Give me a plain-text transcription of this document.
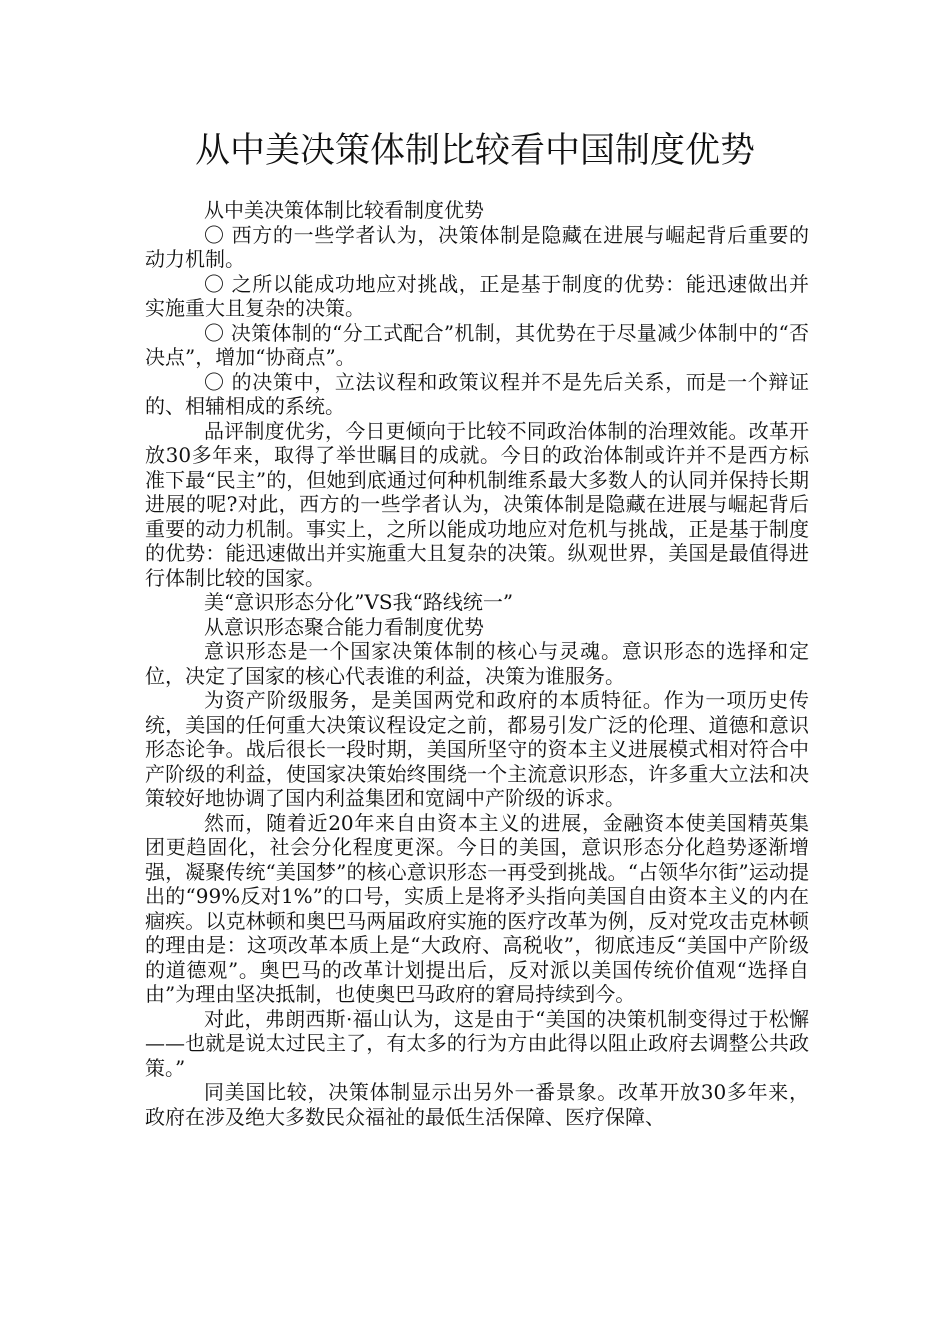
从中美决策体制比较看中国制度优势

从中美决策体制比较看制度优势

〇 西方的一些学者认为，决策体制是隐藏在进展与崛起背后重要的动力机制。

〇 之所以能成功地应对挑战，正是基于制度的优势：能迅速做出并实施重大且复杂的决策。

〇 决策体制的“分工式配合”机制，其优势在于尽量减少体制中的“否决点”，增加“协商点”。

〇 的决策中，立法议程和政策议程并不是先后关系，而是一个辩证的、相辅相成的系统。

品评制度优劣，今日更倾向于比较不同政治体制的治理效能。改革开放30多年来，取得了举世瞩目的成就。今日的政治体制或许并不是西方标准下最“民主”的，但她到底通过何种机制维系最大多数人的认同并保持长期进展的呢?对此，西方的一些学者认为，决策体制是隐藏在进展与崛起背后重要的动力机制。事实上，之所以能成功地应对危机与挑战，正是基于制度的优势：能迅速做出并实施重大且复杂的决策。纵观世界，美国是最值得进行体制比较的国家。

美“意识形态分化”VS我“路线统一”

从意识形态聚合能力看制度优势

意识形态是一个国家决策体制的核心与灵魂。意识形态的选择和定位，决定了国家的核心代表谁的利益，决策为谁服务。

为资产阶级服务，是美国两党和政府的本质特征。作为一项历史传统，美国的任何重大决策议程设定之前，都易引发广泛的伦理、道德和意识形态论争。战后很长一段时期，美国所坚守的资本主义进展模式相对符合中产阶级的利益，使国家决策始终围绕一个主流意识形态，许多重大立法和决策较好地协调了国内利益集团和宽阔中产阶级的诉求。

然而，随着近20年来自由资本主义的进展，金融资本使美国精英集团更趋固化，社会分化程度更深。今日的美国，意识形态分化趋势逐渐增强，凝聚传统“美国梦”的核心意识形态一再受到挑战。“占领华尔街”运动提出的“99%反对1%”的口号，实质上是将矛头指向美国自由资本主义的内在痼疾。以克林顿和奥巴马两届政府实施的医疗改革为例，反对党攻击克林顿的理由是：这项改革本质上是“大政府、高税收”，彻底违反“美国中产阶级的道德观”。奥巴马的改革计划提出后，反对派以美国传统价值观“选择自由”为理由坚决抵制，也使奥巴马政府的窘局持续到今。

对此，弗朗西斯·福山认为，这是由于“美国的决策机制变得过于松懈——也就是说太过民主了，有太多的行为方由此得以阻止政府去调整公共政策。”

同美国比较，决策体制显示出另外一番景象。改革开放30多年来，政府在涉及绝大多数民众福祉的最低生活保障、医疗保障、
